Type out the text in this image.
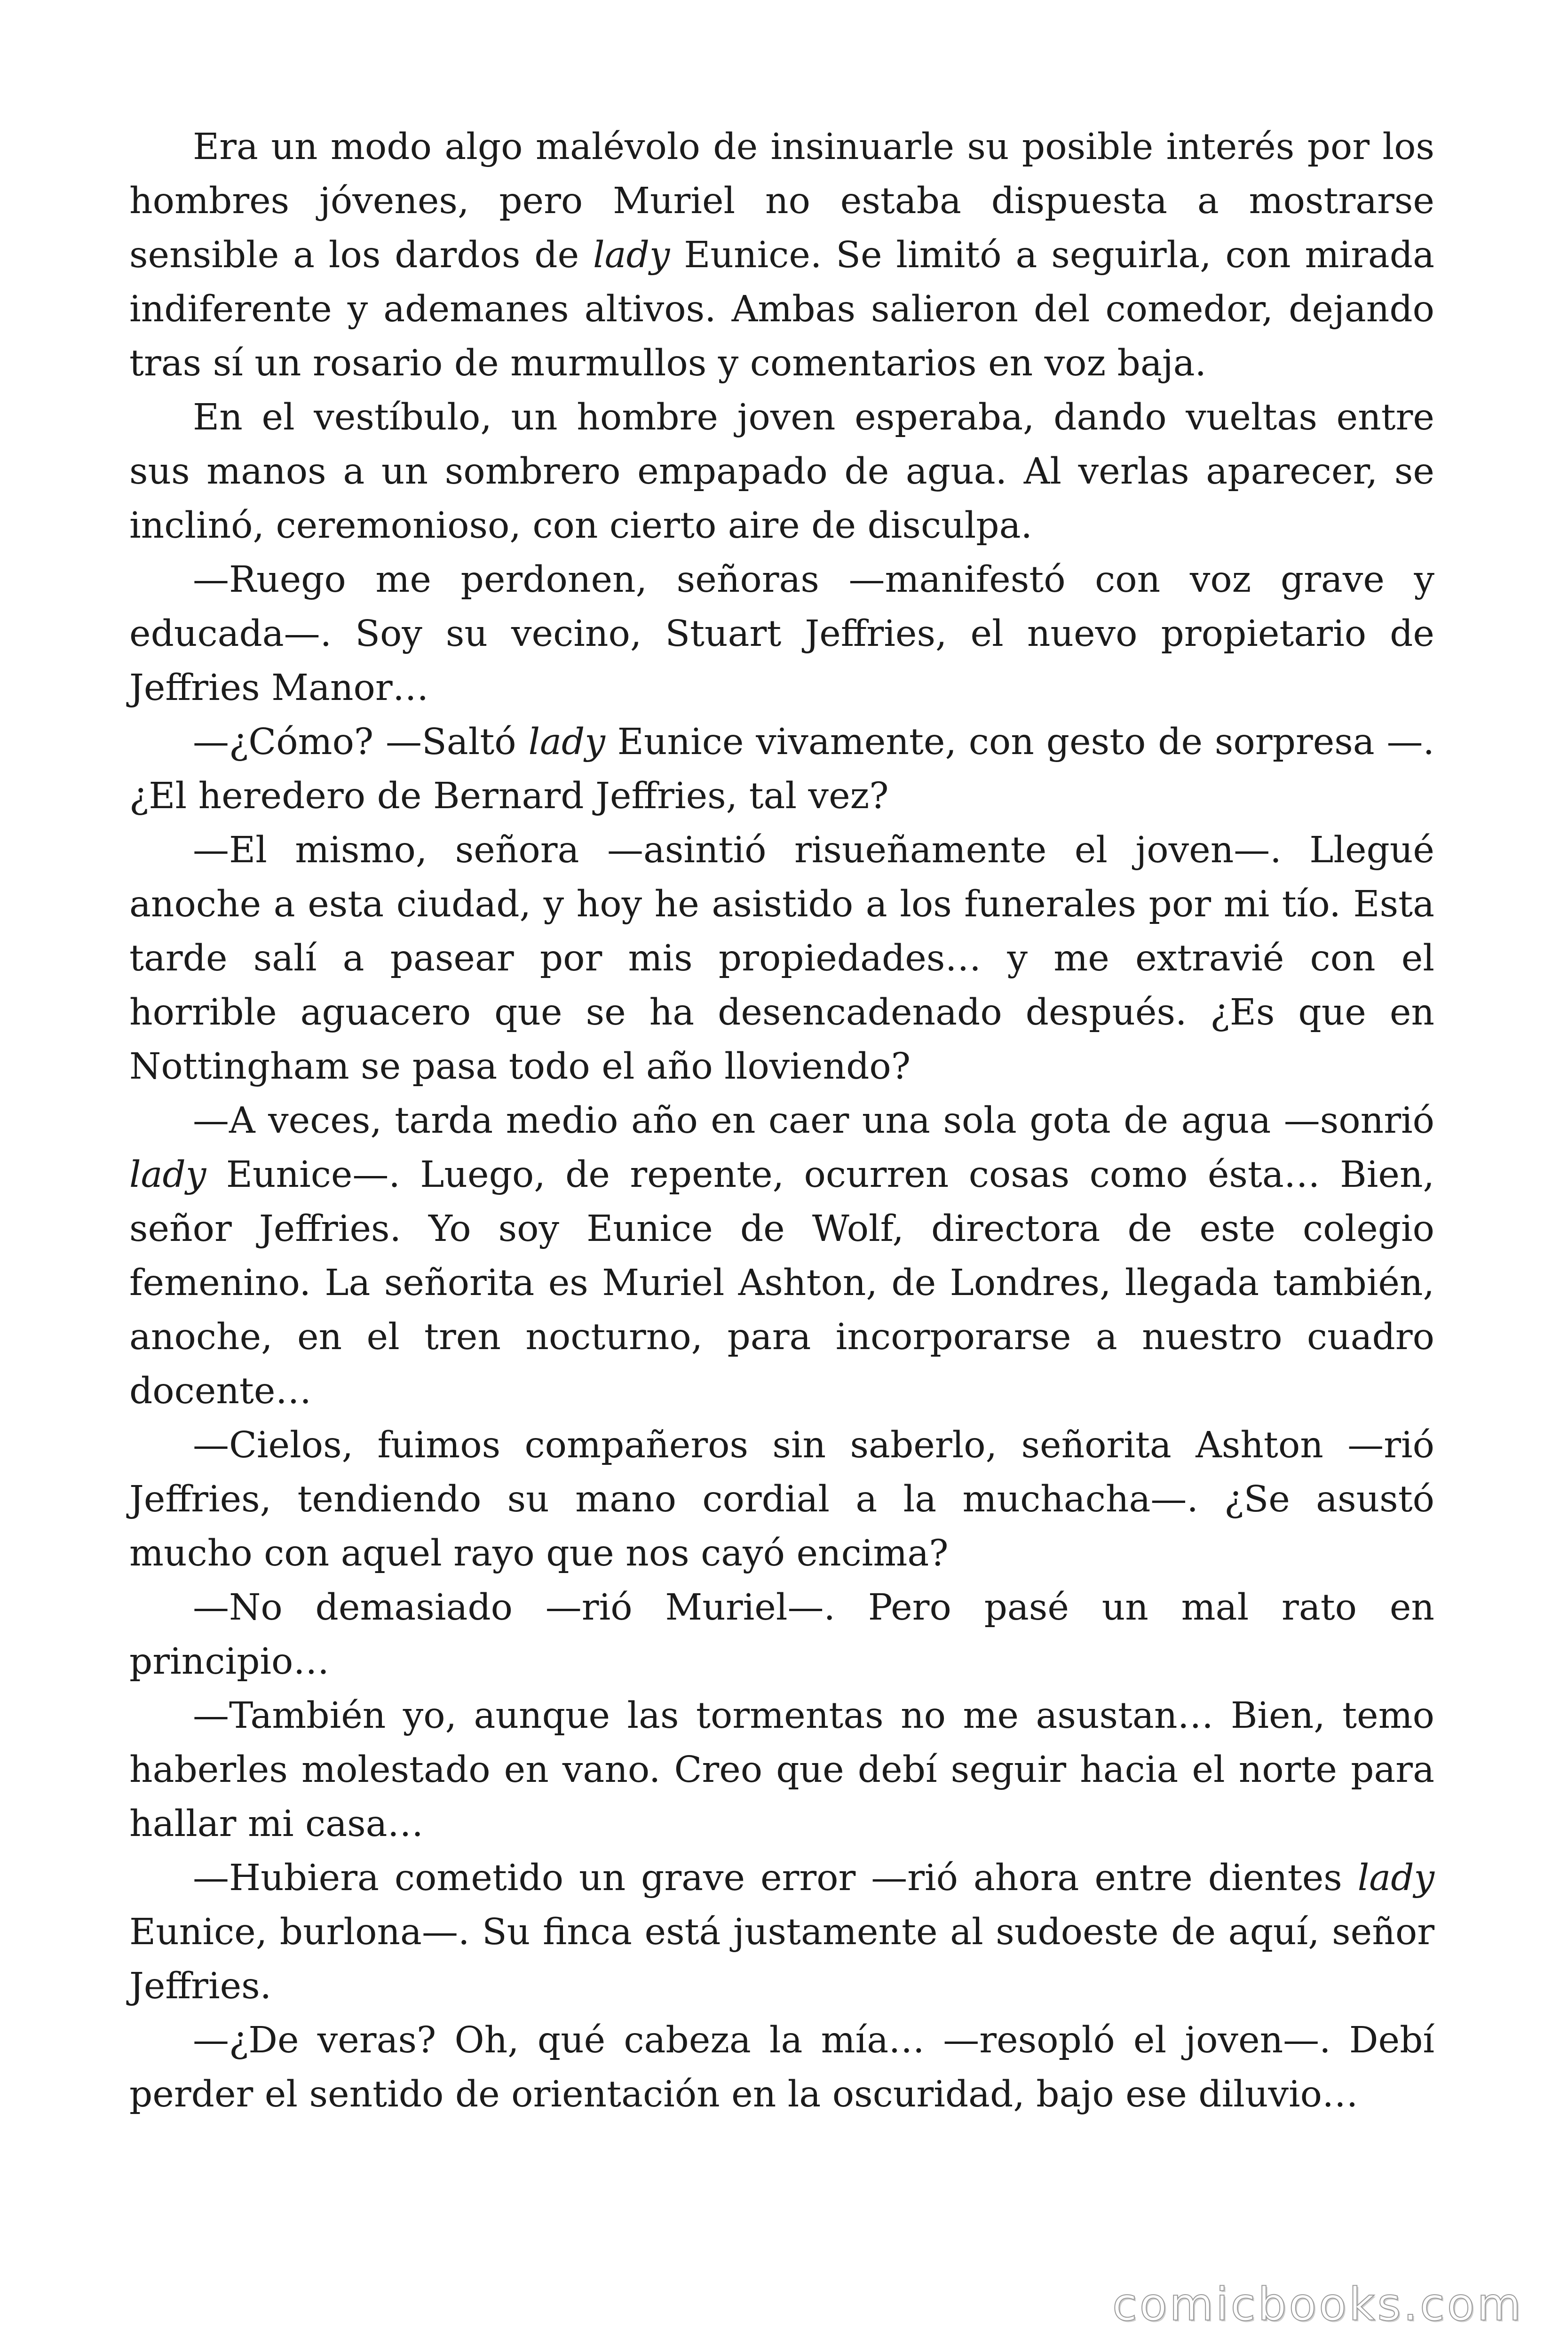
Era un modo algo malévolo de insinuarle su posible interés por los hombres jóvenes, pero Muriel no estaba dispuesta a mostrarse sensible a los dardos de lady Eunice. Se limitó a seguirla, con mirada indiferente y ademanes altivos. Ambas salieron del comedor, dejando tras sí un rosario de murmullos y comentarios en voz baja.

En el vestíbulo, un hombre joven esperaba, dando vueltas entre sus manos a un sombrero empapado de agua. Al verlas aparecer, se inclinó, ceremonioso, con cierto aire de disculpa.

—Ruego me perdonen, señoras —manifestó con voz grave y educada—. Soy su vecino, Stuart Jeffries, el nuevo propietario de Jeffries Manor…

—¿Cómo? —Saltó lady Eunice vivamente, con gesto de sorpresa —. ¿El heredero de Bernard Jeffries, tal vez?

—El mismo, señora —asintió risueñamente el joven—. Llegué anoche a esta ciudad, y hoy he asistido a los funerales por mi tío. Esta tarde salí a pasear por mis propiedades… y me extravié con el horrible aguacero que se ha desencadenado después. ¿Es que en Nottingham se pasa todo el año lloviendo?

—A veces, tarda medio año en caer una sola gota de agua —sonrió lady Eunice—. Luego, de repente, ocurren cosas como ésta… Bien, señor Jeffries. Yo soy Eunice de Wolf, directora de este colegio femenino. La señorita es Muriel Ashton, de Londres, llegada también, anoche, en el tren nocturno, para incorporarse a nuestro cuadro docente…

—Cielos, fuimos compañeros sin saberlo, señorita Ashton —rió Jeffries, tendiendo su mano cordial a la muchacha—. ¿Se asustó mucho con aquel rayo que nos cayó encima?

—No demasiado —rió Muriel—. Pero pasé un mal rato en principio…

—También yo, aunque las tormentas no me asustan… Bien, temo haberles molestado en vano. Creo que debí seguir hacia el norte para hallar mi casa…

—Hubiera cometido un grave error —rió ahora entre dientes lady Eunice, burlona—. Su finca está justamente al sudoeste de aquí, señor Jeffries.

—¿De veras? Oh, qué cabeza la mía… —resopló el joven—. Debí perder el sentido de orientación en la oscuridad, bajo ese diluvio…

comicbooks.com
